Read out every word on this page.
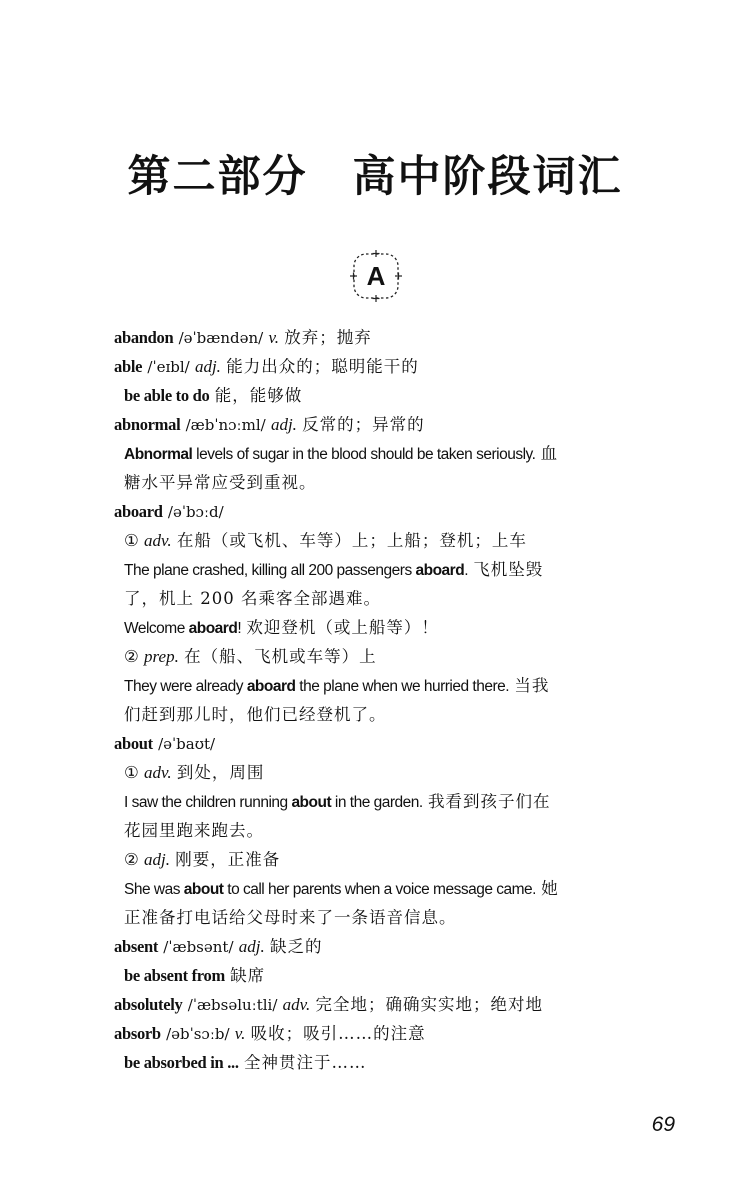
第二部分　高中阶段词汇
A
abandon /əˈbændən/ v. 放弃；抛弃
able /ˈeɪbl/ adj. 能力出众的；聪明能干的
be able to do 能，能够做
abnormal /æbˈnɔːml/ adj. 反常的；异常的
Abnormal levels of sugar in the blood should be taken seriously. 血
糖水平异常应受到重视。
aboard /əˈbɔːd/
① adv. 在船（或飞机、车等）上；上船；登机；上车
The plane crashed, killing all 200 passengers aboard. 飞机坠毁
了，机上 200 名乘客全部遇难。
Welcome aboard! 欢迎登机（或上船等）！
② prep. 在（船、飞机或车等）上
They were already aboard the plane when we hurried there. 当我
们赶到那儿时，他们已经登机了。
about /əˈbaʊt/
① adv. 到处，周围
I saw the children running about in the garden. 我看到孩子们在
花园里跑来跑去。
② adj. 刚要，正准备
She was about to call her parents when a voice message came. 她
正准备打电话给父母时来了一条语音信息。
absent /ˈæbsənt/ adj. 缺乏的
be absent from 缺席
absolutely /ˈæbsəluːtli/ adv. 完全地；确确实实地；绝对地
absorb /əbˈsɔːb/ v. 吸收；吸引……的注意
be absorbed in ... 全神贯注于……
69
